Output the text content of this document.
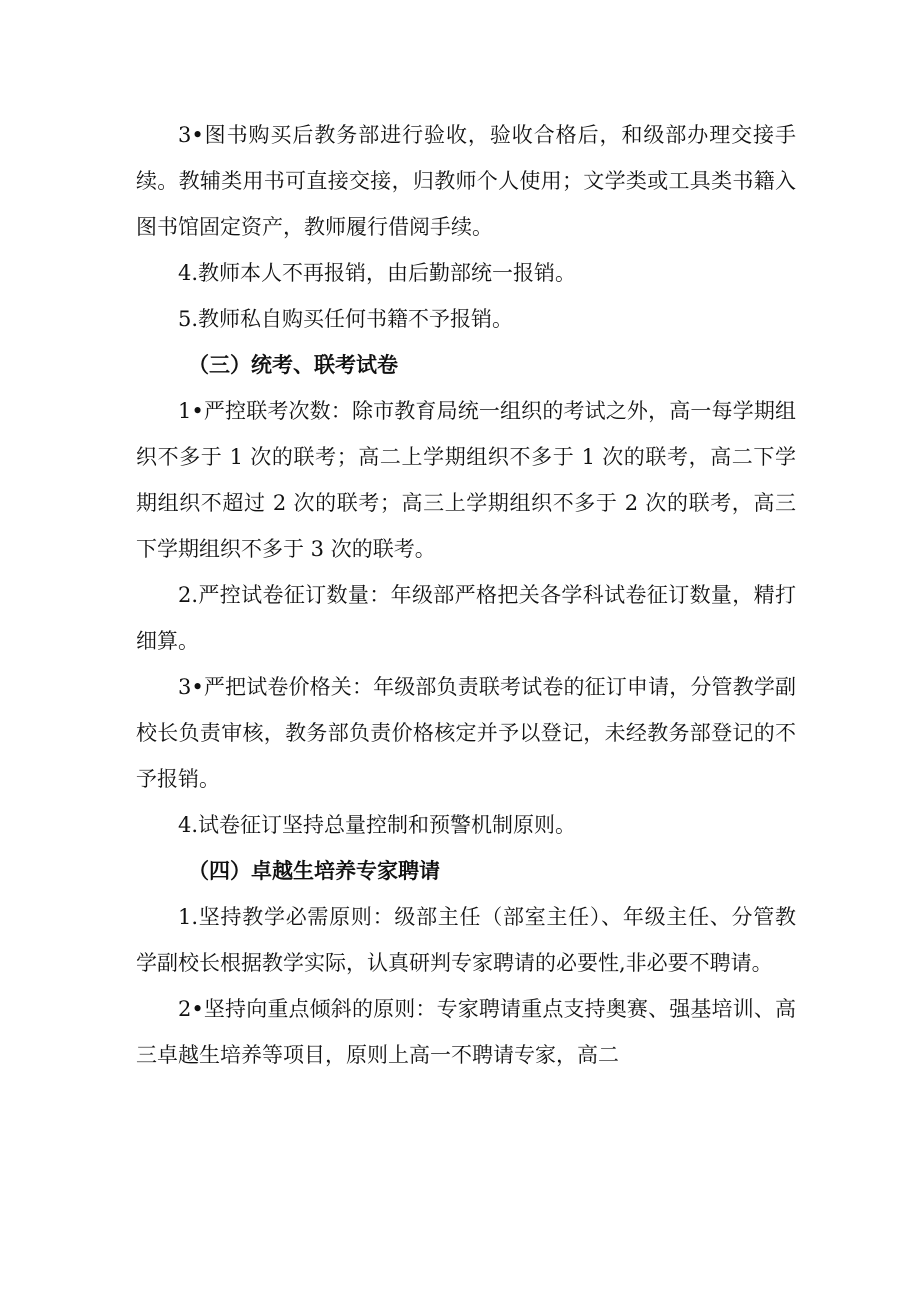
3•图书购买后教务部进行验收，验收合格后，和级部办理交接手续。教辅类用书可直接交接，归教师个人使用；文学类或工具类书籍入图书馆固定资产，教师履行借阅手续。

4.教师本人不再报销，由后勤部统一报销。

5.教师私自购买任何书籍不予报销。

（三）统考、联考试卷

1•严控联考次数：除市教育局统一组织的考试之外，高一每学期组织不多于 1 次的联考；高二上学期组织不多于 1 次的联考，高二下学期组织不超过 2 次的联考；高三上学期组织不多于 2 次的联考，高三下学期组织不多于 3 次的联考。

2.严控试卷征订数量：年级部严格把关各学科试卷征订数量，精打细算。

3•严把试卷价格关：年级部负责联考试卷的征订申请，分管教学副校长负责审核，教务部负责价格核定并予以登记，未经教务部登记的不予报销。

4.试卷征订坚持总量控制和预警机制原则。

（四）卓越生培养专家聘请

1.坚持教学必需原则：级部主任（部室主任）、年级主任、分管教学副校长根据教学实际，认真研判专家聘请的必要性,非必要不聘请。

2•坚持向重点倾斜的原则：专家聘请重点支持奥赛、强基培训、高三卓越生培养等项目，原则上高一不聘请专家，高二
